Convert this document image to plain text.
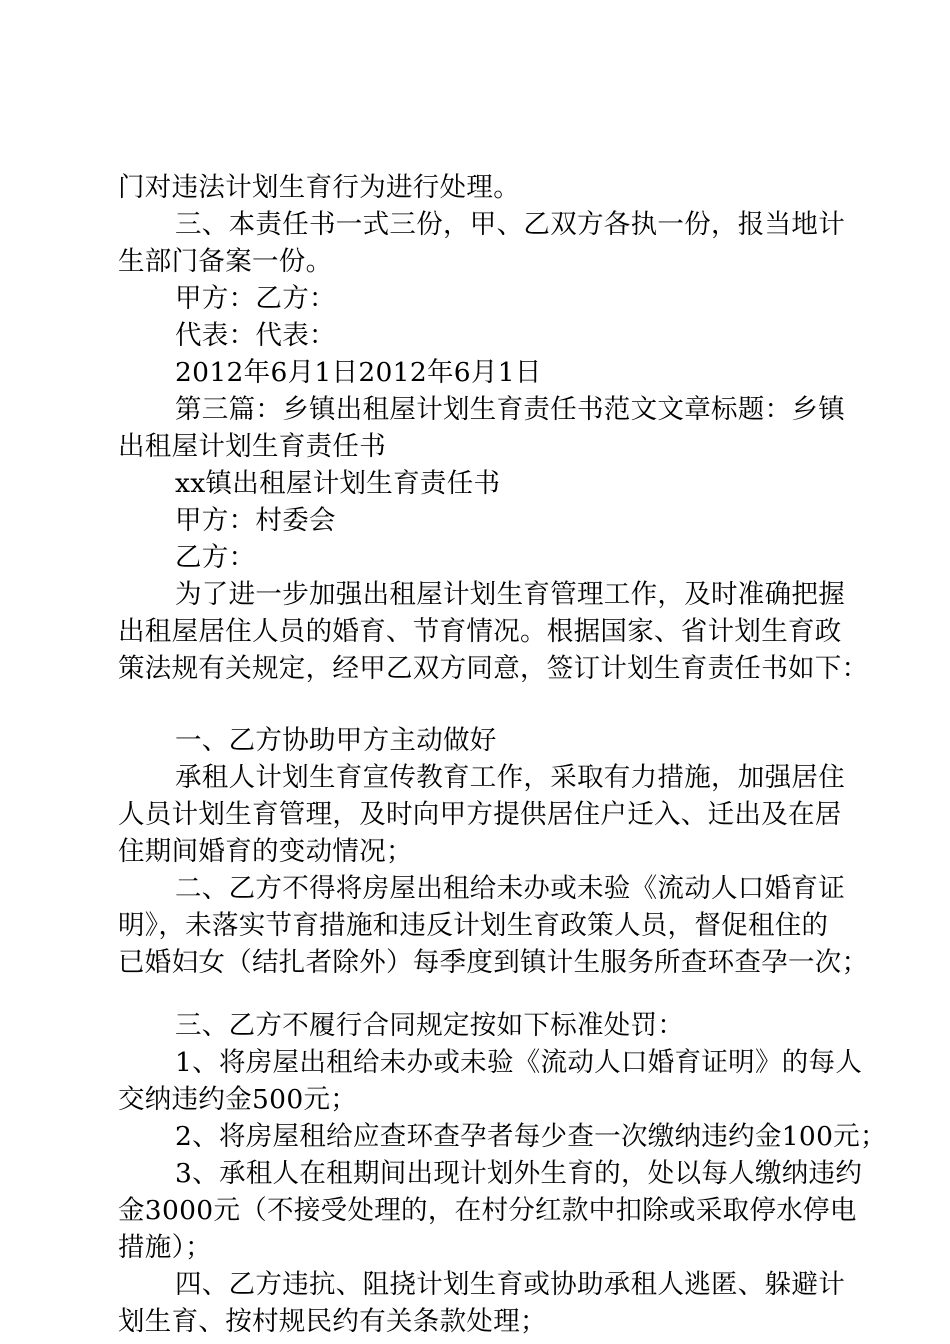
门对违法计划生育行为进行处理。
三、本责任书一式三份，甲、乙双方各执一份，报当地计
生部门备案一份。
甲方：乙方：
代表：代表：
2012年6月1日2012年6月1日
第三篇：乡镇出租屋计划生育责任书范文文章标题：乡镇
出租屋计划生育责任书
xx镇出租屋计划生育责任书
甲方：村委会
乙方：
为了进一步加强出租屋计划生育管理工作，及时准确把握
出租屋居住人员的婚育、节育情况。根据国家、省计划生育政
策法规有关规定，经甲乙双方同意，签订计划生育责任书如下：
一、乙方协助甲方主动做好
承租人计划生育宣传教育工作，采取有力措施，加强居住
人员计划生育管理，及时向甲方提供居住户迁入、迁出及在居
住期间婚育的变动情况；
二、乙方不得将房屋出租给未办或未验《流动人口婚育证
明》，未落实节育措施和违反计划生育政策人员，督促租住的
已婚妇女（结扎者除外）每季度到镇计生服务所查环查孕一次；
三、乙方不履行合同规定按如下标准处罚：
1、将房屋出租给未办或未验《流动人口婚育证明》的每人
交纳违约金500元；
2、将房屋租给应查环查孕者每少查一次缴纳违约金100元；
3、承租人在租期间出现计划外生育的，处以每人缴纳违约
金3000元（不接受处理的，在村分红款中扣除或采取停水停电
措施）；
四、乙方违抗、阻挠计划生育或协助承租人逃匿、躲避计
划生育、按村规民约有关条款处理；
